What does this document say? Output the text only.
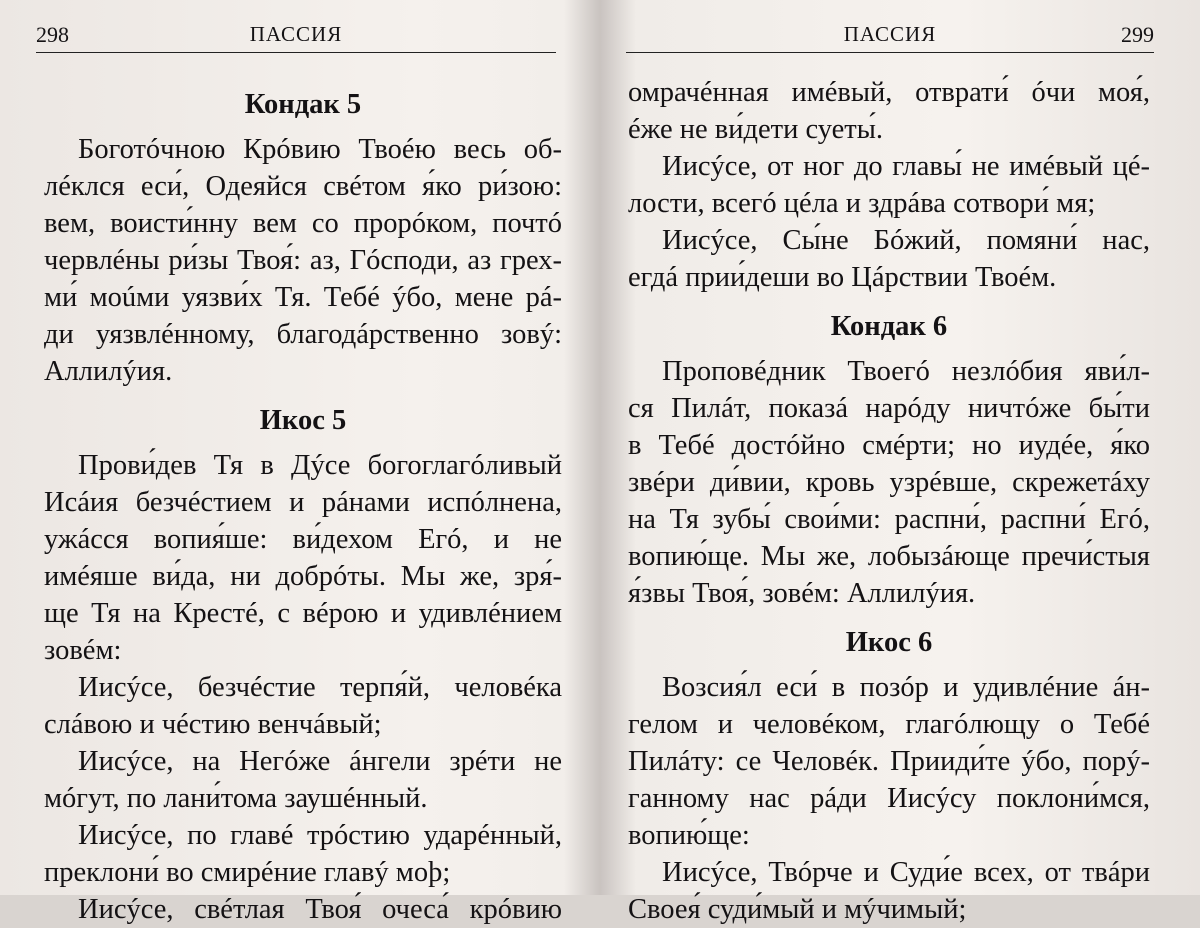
298	ПАССИЯ
Кондак 5
Боготóчною Крóвию Твоéю весь об-
лéклся еси́, Одеяйся свéтом я́ко ри́зою:
вем, воисти́нну вем со прорóком, почтó
червлéны ри́зы Твоя́: аз, Гóсподи, аз грех-
ми́ моúми уязви́х Тя. Тебé ýбо, мене рá-
ди уязвлéнному, благодáрственно зовý:
Аллилýия.
Икос 5
Прови́дев Тя в Дýсе богоглагóливый
Исáия безчéстием и рáнами испóлнена,
ужáсся вопия́ше: ви́дехом Егó, и не
имéяше ви́да, ни добрóты. Мы же, зря́-
ще Тя на Крестé, с вéрою и удивлéнием
зовéм:
Иисýсе, безчéстие терпя́й, человéка
слáвою и чéстию венчáвый;
Иисýсе, на Негóже áнгели зрéти не
мóгут, по лани́тома заушéнный.
Иисýсе, по главé трóстию ударéнный,
преклони́ во смирéние главý моþ;
Иисýсе, свéтлая Твоя́ очеса́ крóвию
ПАССИЯ	299
омрачéнная имéвый, отврати́ óчи моя́,
éже не ви́дети суеты́.
Иисýсе, от ног до главы́ не имéвый цé-
лости, всегó цéла и здрáва сотвори́ мя;
Иисýсе, Сы́не Бóжий, помяни́ нас,
егдá прии́деши во Цáрствии Твоéм.
Кондак 6
Проповéдник Твоегó незлóбия яви́л-
ся Пилáт, показá нарóду ничтóже бы́ти
в Тебé достóйно смéрти; но иудéе, я́ко
звéри ди́вии, кровь узрéвше, скрежетáху
на Тя зубы́ свои́ми: распни́, распни́ Егó,
вопию́ще. Мы же, лобызáюще пречи́стыя
я́звы Твоя́, зовéм: Аллилýия.
Икос 6
Возсия́л еси́ в позóр и удивлéние áн-
гелом и человéком, глагóлющу о Тебé
Пилáту: се Человéк. Прииди́те ýбо, порý-
ганному нас рáди Иисýсу поклони́мся,
вопию́ще:
Иисýсе, Твóрче и Суди́е всех, от твáри
Своея́ суди́мый и мýчимый;
